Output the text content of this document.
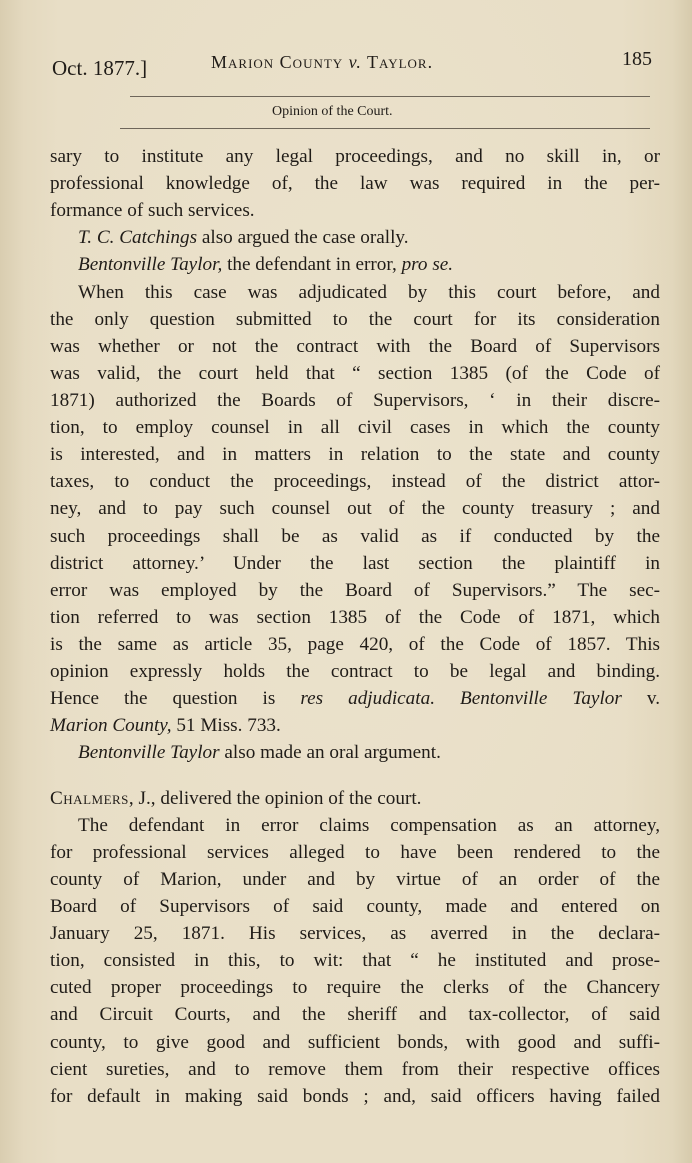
Oct. 1877.]	Marion County v. Taylor.	185
Opinion of the Court.
sary to institute any legal proceedings, and no skill in, or
professional knowledge of, the law was required in the per-
formance of such services.
T. C. Catchings also argued the case orally.
Bentonville Taylor, the defendant in error, pro se.
When this case was adjudicated by this court before, and
the only question submitted to the court for its consideration
was whether or not the contract with the Board of Supervisors
was valid, the court held that “ section 1385 (of the Code of
1871) authorized the Boards of Supervisors, ‘ in their discre-
tion, to employ counsel in all civil cases in which the county
is interested, and in matters in relation to the state and county
taxes, to conduct the proceedings, instead of the district attor-
ney, and to pay such counsel out of the county treasury ; and
such proceedings shall be as valid as if conducted by the
district attorney.’ Under the last section the plaintiff in
error was employed by the Board of Supervisors.” The sec-
tion referred to was section 1385 of the Code of 1871, which
is the same as article 35, page 420, of the Code of 1857. This
opinion expressly holds the contract to be legal and binding.
Hence the question is res adjudicata. Bentonville Taylor v.
Marion County, 51 Miss. 733.
Bentonville Taylor also made an oral argument.
Chalmers, J., delivered the opinion of the court.
The defendant in error claims compensation as an attorney,
for professional services alleged to have been rendered to the
county of Marion, under and by virtue of an order of the
Board of Supervisors of said county, made and entered on
January 25, 1871. His services, as averred in the declara-
tion, consisted in this, to wit: that “ he instituted and prose-
cuted proper proceedings to require the clerks of the Chancery
and Circuit Courts, and the sheriff and tax-collector, of said
county, to give good and sufficient bonds, with good and suffi-
cient sureties, and to remove them from their respective offices
for default in making said bonds ; and, said officers having failed
